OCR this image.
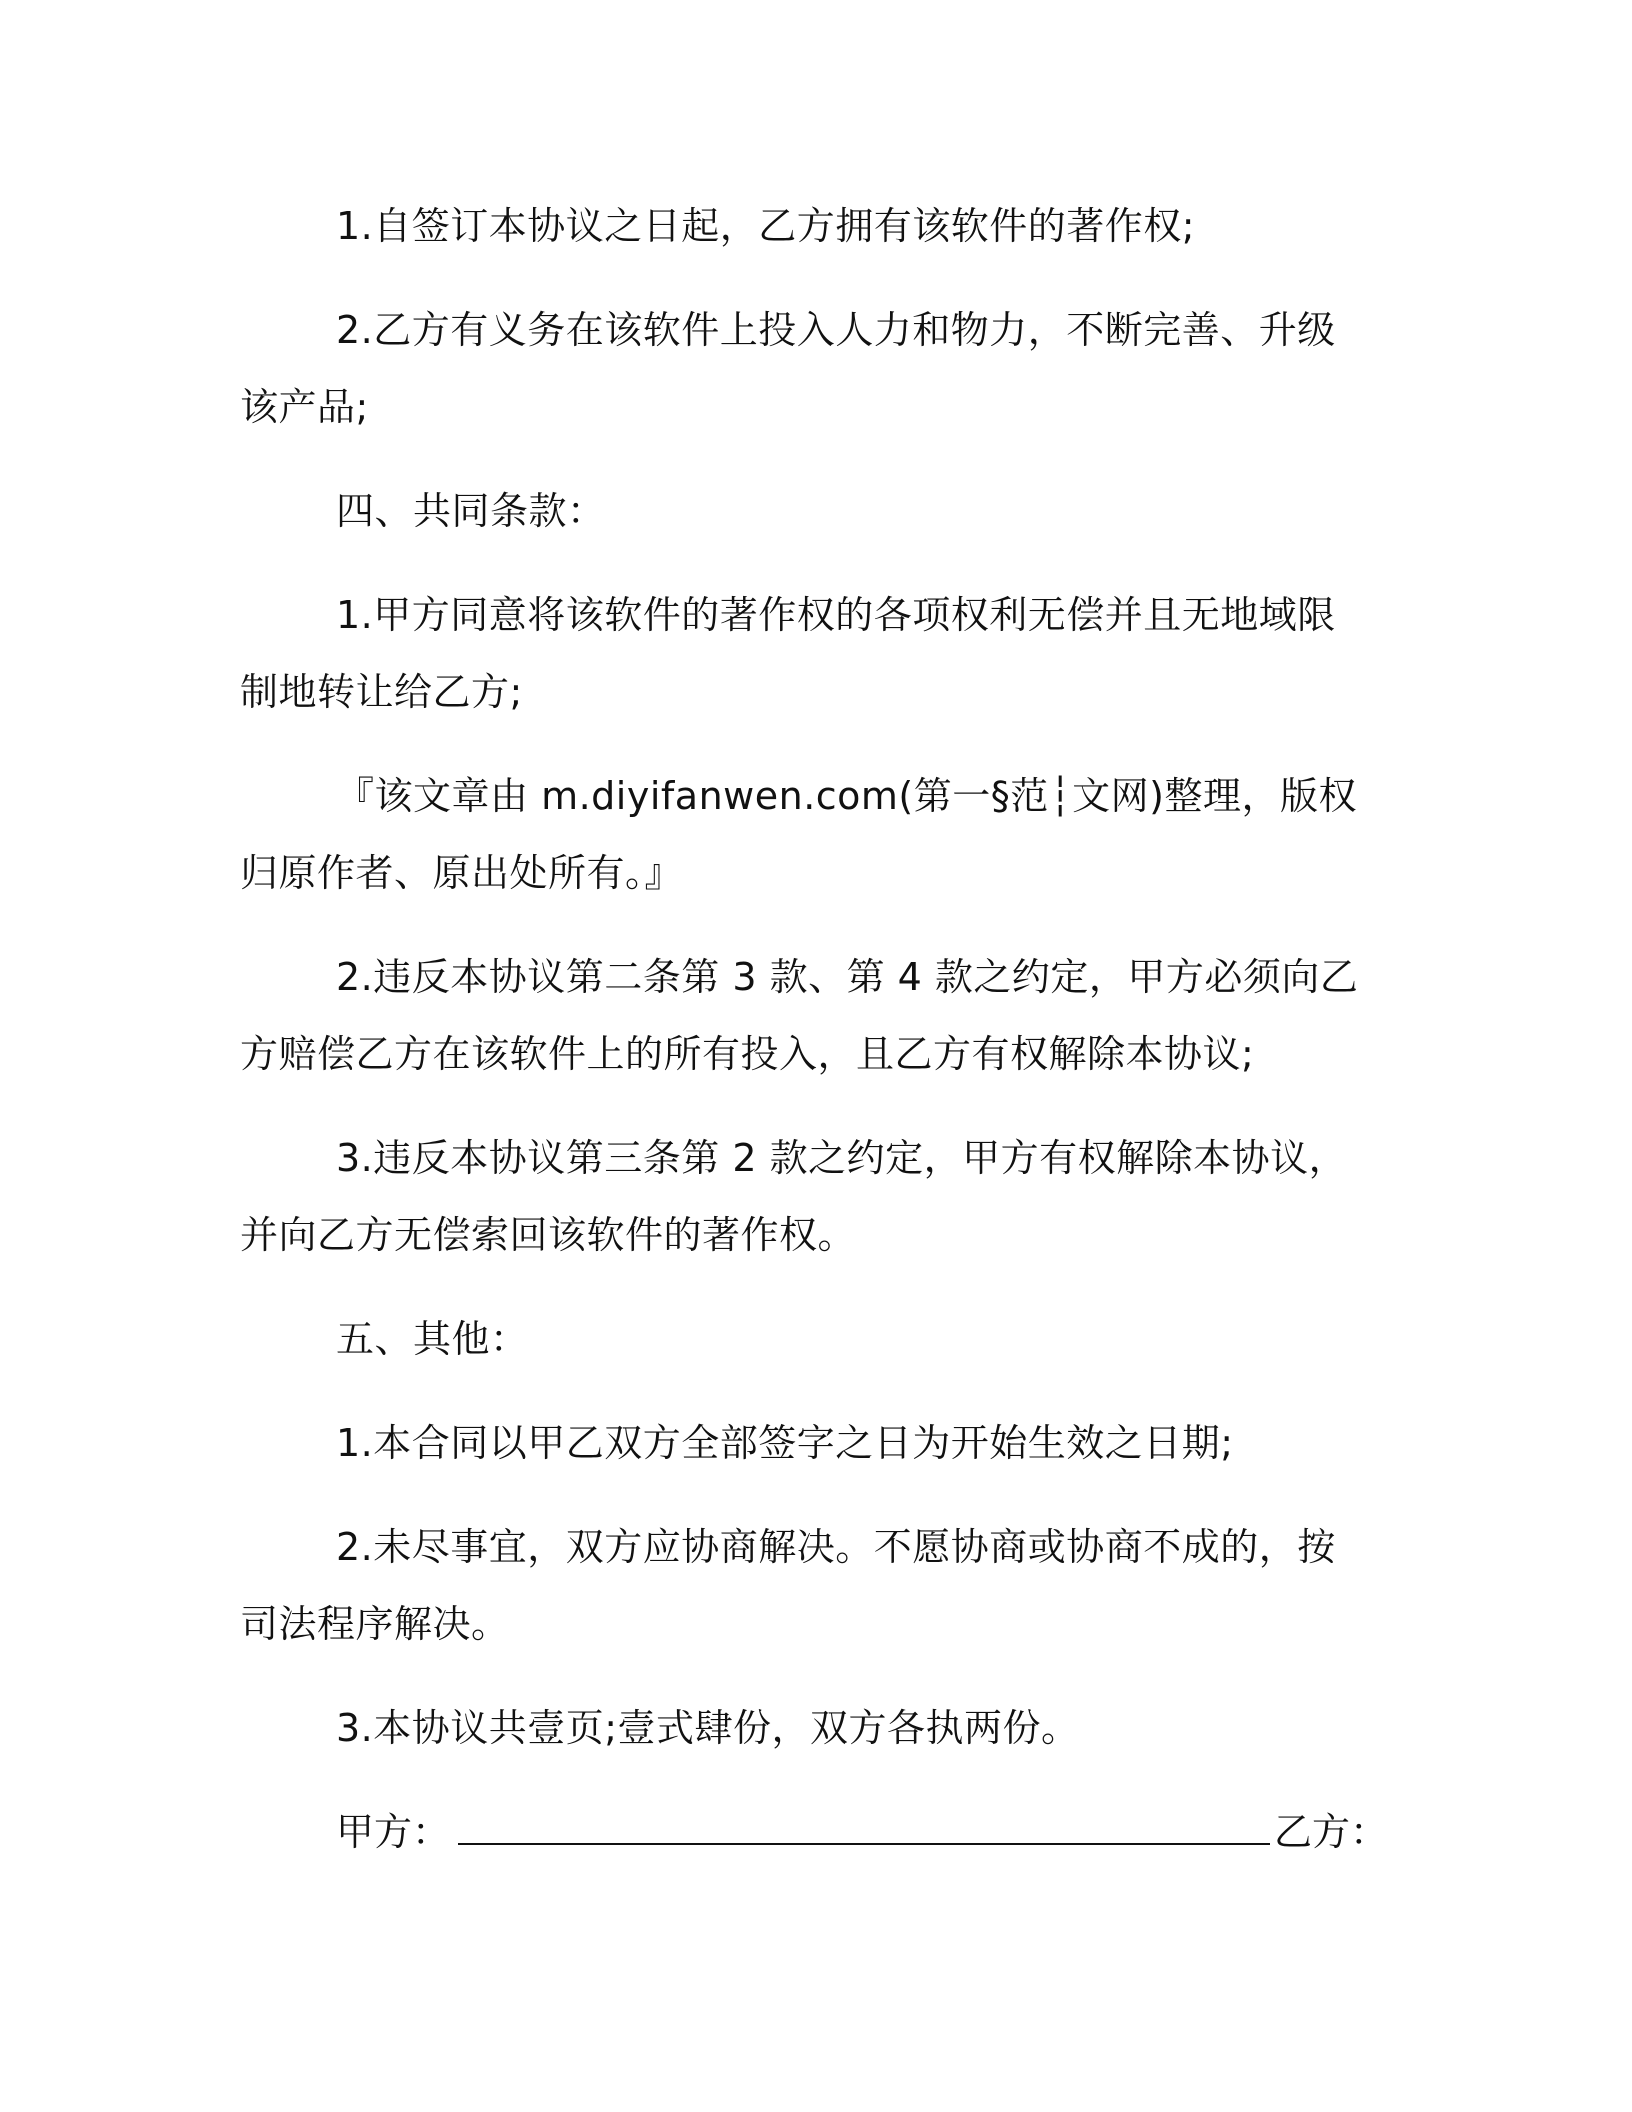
1.自签订本协议之日起，乙方拥有该软件的著作权;

2.乙方有义务在该软件上投入人力和物力，不断完善、升级该产品;

四、共同条款：

1.甲方同意将该软件的著作权的各项权利无偿并且无地域限制地转让给乙方;

『该文章由 m.diyifanwen.com(第一§范┆文网)整理，版权归原作者、原出处所有。』

2.违反本协议第二条第 3 款、第 4 款之约定，甲方必须向乙方赔偿乙方在该软件上的所有投入，且乙方有权解除本协议;

3.违反本协议第三条第 2 款之约定，甲方有权解除本协议，并向乙方无偿索回该软件的著作权。

五、其他：

1.本合同以甲乙双方全部签字之日为开始生效之日期;

2.未尽事宜，双方应协商解决。不愿协商或协商不成的，按司法程序解决。

3.本协议共壹页;壹式肆份，双方各执两份。

甲方：	乙方：
